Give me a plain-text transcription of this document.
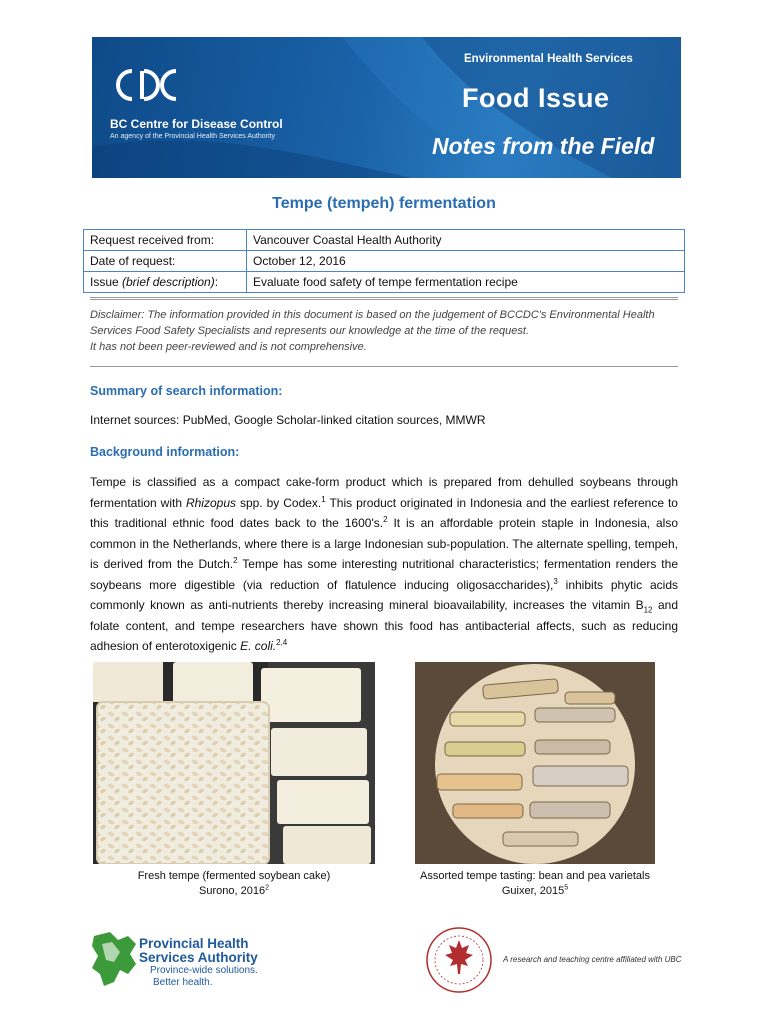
BC Centre for Disease Control
An agency of the Provincial Health Services Authority
Environmental Health Services
Food Issue
Notes from the Field
Tempe (tempeh) fermentation
Request received from:	Vancouver Coastal Health Authority
Date of request:	October 12, 2016
Issue (brief description):	Evaluate food safety of tempe fermentation recipe
Disclaimer: The information provided in this document is based on the judgement of BCCDC's Environmental Health Services Food Safety Specialists and represents our knowledge at the time of the request.
It has not been peer-reviewed and is not comprehensive.
Summary of search information:
Internet sources: PubMed, Google Scholar-linked citation sources, MMWR
Background information:
Tempe is classified as a compact cake-form product which is prepared from dehulled soybeans through fermentation with Rhizopus spp. by Codex.$^1$ This product originated in Indonesia and the earliest reference to this traditional ethnic food dates back to the 1600's.$^2$ It is an affordable protein staple in Indonesia, also common in the Netherlands, where there is a large Indonesian sub-population. The alternate spelling, tempeh, is derived from the Dutch.$^2$ Tempe has some interesting nutritional characteristics; fermentation renders the soybeans more digestible (via reduction of flatulence inducing oligosaccharides),$^3$ inhibits phytic acids commonly known as anti-nutrients thereby increasing mineral bioavailability, increases the vitamin $B_{12}$ and folate content, and tempe researchers have shown this food has antibacterial affects, such as reducing adhesion of enterotoxigenic E. coli.$^{2,4}$
Fresh tempe (fermented soybean cake)
Surono, 2016$^2$
Assorted tempe tasting: bean and pea varietals
Guixer, 2015$^5$
Provincial Health
Services Authority
Province-wide solutions.
Better health.
A research and teaching centre affiliated with UBC
